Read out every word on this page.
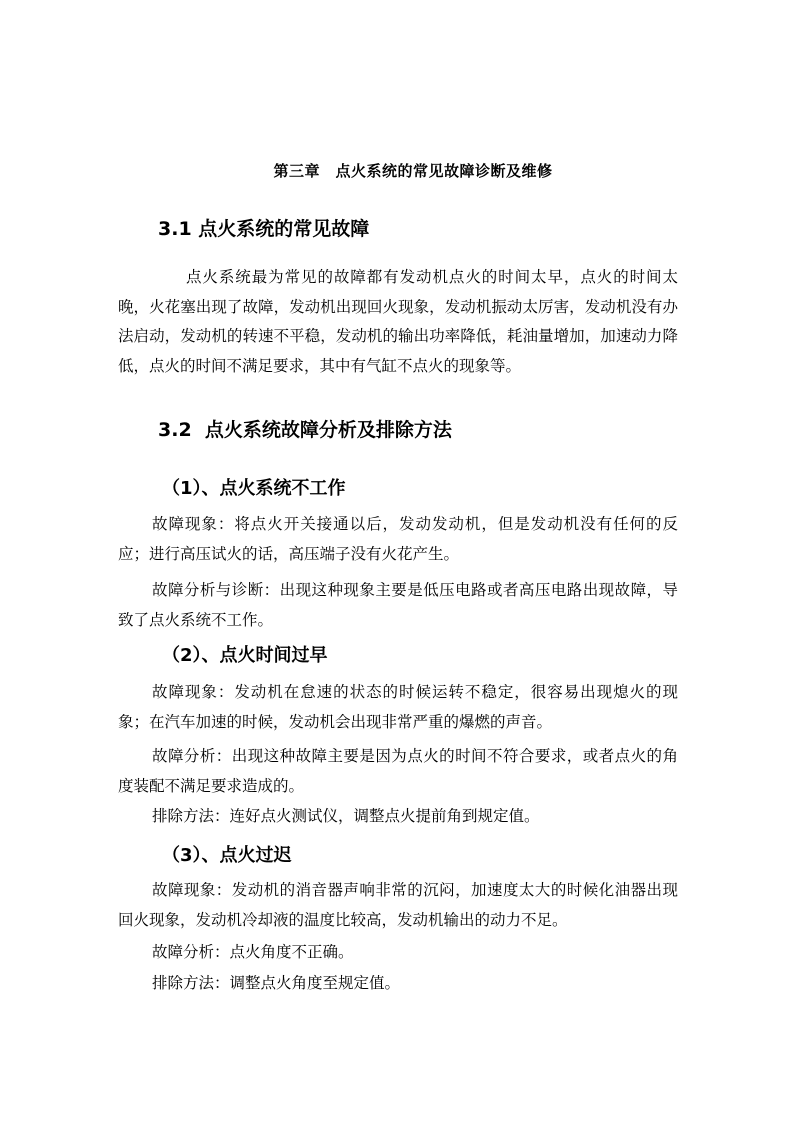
第三章　点火系统的常见故障诊断及维修
3.1 点火系统的常见故障
点火系统最为常见的故障都有发动机点火的时间太早，点火的时间太晚，火花塞出现了故障，发动机出现回火现象，发动机振动太厉害，发动机没有办法启动，发动机的转速不平稳，发动机的输出功率降低，耗油量增加，加速动力降低，点火的时间不满足要求，其中有气缸不点火的现象等。
3.2  点火系统故障分析及排除方法
（1）、点火系统不工作
故障现象：将点火开关接通以后，发动发动机，但是发动机没有任何的反应；进行高压试火的话，高压端子没有火花产生。
故障分析与诊断：出现这种现象主要是低压电路或者高压电路出现故障，导致了点火系统不工作。
（2）、点火时间过早
故障现象：发动机在怠速的状态的时候运转不稳定，很容易出现熄火的现象；在汽车加速的时候，发动机会出现非常严重的爆燃的声音。
故障分析：出现这种故障主要是因为点火的时间不符合要求，或者点火的角度装配不满足要求造成的。
排除方法：连好点火测试仪，调整点火提前角到规定值。
（3）、点火过迟
故障现象：发动机的消音器声响非常的沉闷，加速度太大的时候化油器出现回火现象，发动机冷却液的温度比较高，发动机输出的动力不足。
故障分析：点火角度不正确。
排除方法：调整点火角度至规定值。
